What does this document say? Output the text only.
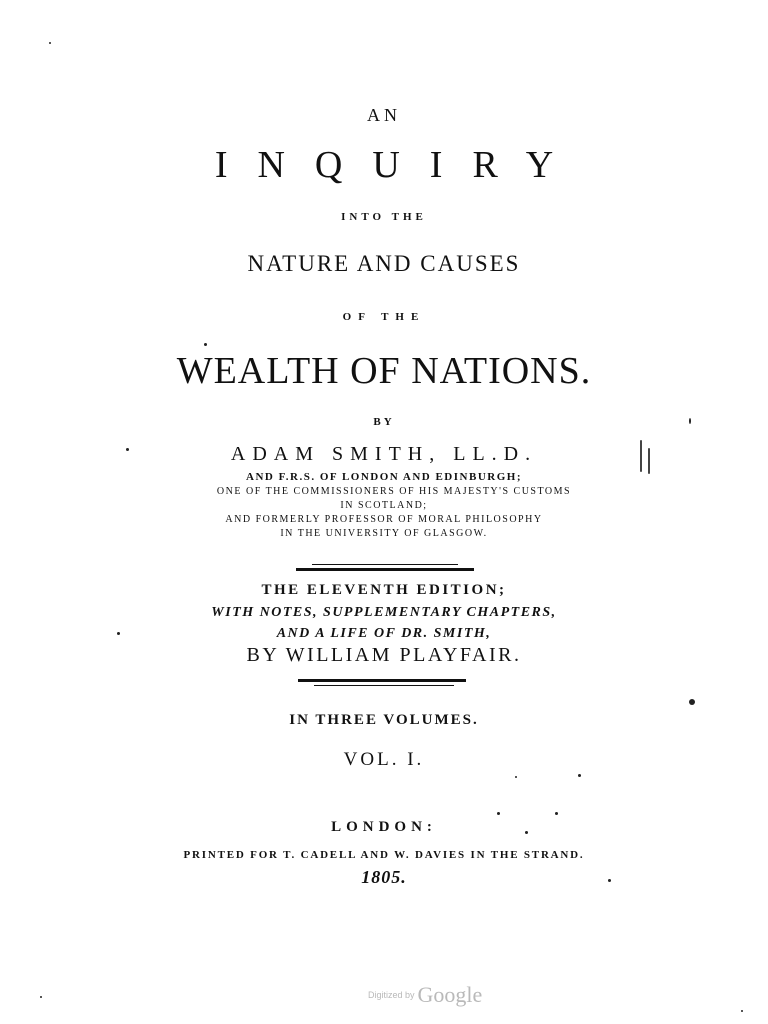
AN
INQUIRY
INTO THE
NATURE AND CAUSES
OF THE
WEALTH OF NATIONS.
BY
ADAM SMITH, LL.D.
AND F.R.S. OF LONDON AND EDINBURGH;
ONE OF THE COMMISSIONERS OF HIS MAJESTY'S CUSTOMS
IN SCOTLAND;
AND FORMERLY PROFESSOR OF MORAL PHILOSOPHY
IN THE UNIVERSITY OF GLASGOW.
THE ELEVENTH EDITION;
WITH NOTES, SUPPLEMENTARY CHAPTERS,
AND A LIFE OF DR. SMITH,
BY WILLIAM PLAYFAIR.
IN THREE VOLUMES.
VOL. I.
LONDON:
PRINTED FOR T. CADELL AND W. DAVIES IN THE STRAND.
1805.
Digitized by Google
